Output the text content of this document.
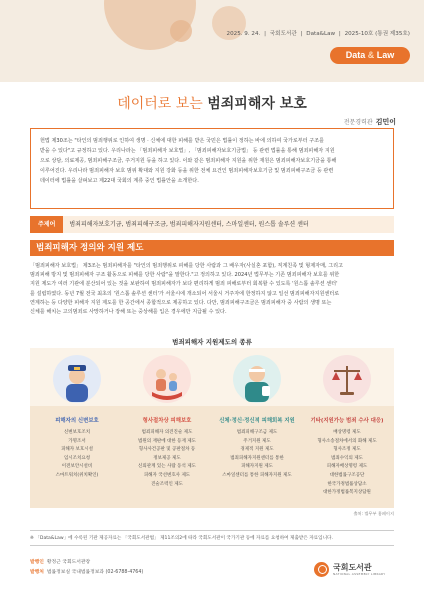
2025. 9. 24. | 국회도서관 | Data&Law | 2025-10호 (통권 제35호)
Data & Law
데이터로 보는 범죄피해자 보호
전문경력관 김민이
헌법 제30조는 "타인의 범죄행위로 인하여 생명 · 신체에 대한 피해를 받은 국민은 법률이 정하는 바에 의하여 국가로부터 구조를
받을 수 있다"고 규정하고 있다. 우리나라는 「범죄피해자 보호법」, 「범죄피해자보호기금법」 등 관련 법률을 통해 범죄피해자 지원
으로 상담, 의료제공, 범죄피해구조금, 주거지원 등을 하고 있다. 이와 같은 범죄피해자 지원을 위한 재원은 범죄피해자보호기금을 통해
이루어진다. 우리나라 범죄피해자 보호 범위 확대와 지원 강화 등을 위한 전체 요건인 범죄피해자보호기금 및 범죄피해구조금 등 관련
데이터에 법률을 살펴보고 제22대 국회의 계류 중인 법률안을 소개한다.
주제어 범죄피해자보호기금, 범죄피해구조금, 범죄피해자지원센터, 스마일센터, 원스톱 솔루션 센터
범죄피해자 정의와 지원 제도
「범죄피해자 보호법」 제3조는 범죄피해자를 "타인의 범죄행위로 피해를 당한 사람과 그 배우자(사실혼 포함), 직계친족 및 형제자매, 그리고
범죄피해 방지 및 범죄피해자 구조 활동으로 피해를 당한 사람"을 말한다."고 정의하고 있다. 2024년 법무부는 기존 범죄피해자 보호를 위한
지원 제도가 여러 기관에 분산되어 있는 것을 보완하여 범죄피해자가 보다 편리하게 범죄 피해로부터 회복할 수 있도록 '원스톱 솔루션 센터'
를 설립하였다. 동년 7월 전국 최초의 '원스톱 솔루션 센터'가 서울시에 개소되어 서울시 거주자에 한정하지 않고 일선 범죄피해자지원센터로
연계하는 등 다양한 피해자 지원 제도를 한 공간에서 종합적으로 제공하고 있다. 다만, 범죄피해구조금은 범죄피해자 중 사람의 생명 또는
신체를 해치는 고의범죄로 사망하거나 장해 또는 중상해를 입은 경우에만 지급될 수 있다.
범죄피해자 지원제도의 종류
피해자의 신변보호
신변보호조치
가명조서
피해자 보호시설
임시조치요청
이전보안시설비
스마트워치(위치확인)
형사절차상 피해보호
범죄피해자 의견진술 제도
법원의 재판에 대한 등재 제도
형사사건공판 및 공판절차 등
정보제공 제도
신뢰관계 있는 사람 동석 제도
피해자 국선변호사 제도
진술조력인 제도
신체·정신·정신적 피해회복 지원
범죄피해구조금 제도
주거지원 제도
경제적 지원 제도
범죄피해자지원센터를 통한
피해자지원 제도
스마일센터를 통한 피해자지원 제도
기타(지원가능 범죄 수사 대응)
배상명령 제도
형사소송절차에서의 화해 제도
형사조정 제도
범죄수익의 제도
피해자배상명령 제도
대한법률구조공단
한국가정법률상담소
대한가정법률복지상담원
출처: 법무부 홈페이지
※ 「Data&Law」에 수록된 기관 제공자료는 「국회도서관법」 제11조의2에 따라 국회도서관이 국가기관 등에 자료를 요청하여 제출받은 자료입니다.
발행인 황정근 국회도서관장
발행처 법률정보실 국내법률정보과 (02-6788-4764)
국회도서관
NATIONAL ASSEMBLY LIBRARY
